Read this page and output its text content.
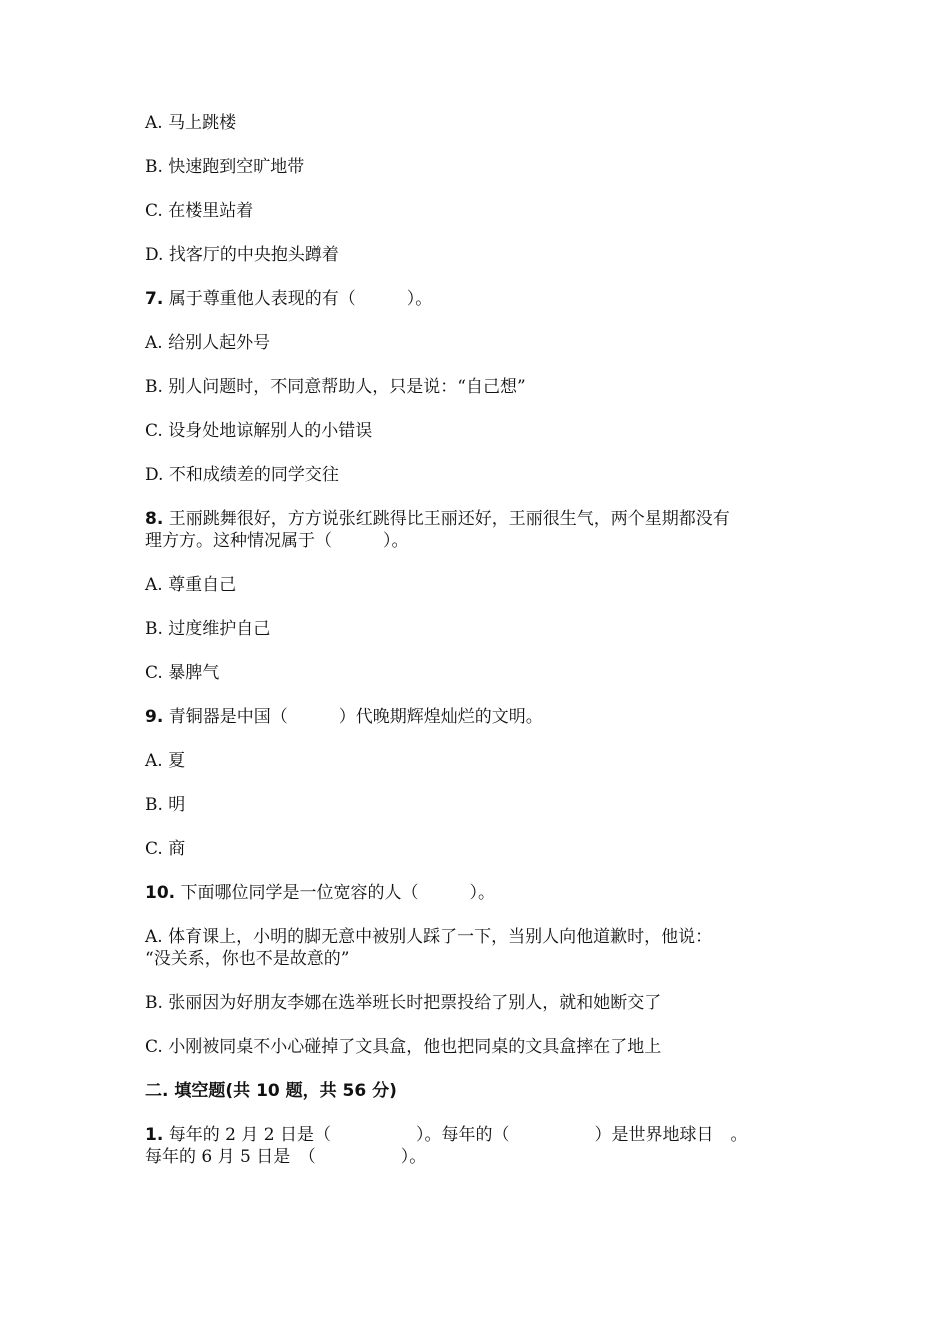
A. 马上跳楼

B. 快速跑到空旷地带

C. 在楼里站着

D. 找客厅的中央抱头蹲着

7. 属于尊重他人表现的有（　　　）。

A. 给别人起外号

B. 别人问题时，不同意帮助人，只是说：“自己想”

C. 设身处地谅解别人的小错误

D. 不和成绩差的同学交往

8. 王丽跳舞很好，方方说张红跳得比王丽还好，王丽很生气，两个星期都没有

理方方。这种情况属于（　　　）。

A. 尊重自己

B. 过度维护自己

C. 暴脾气

9. 青铜器是中国（　　　）代晚期辉煌灿烂的文明。

A. 夏

B. 明

C. 商

10. 下面哪位同学是一位宽容的人（　　　）。

A. 体育课上，小明的脚无意中被别人踩了一下，当别人向他道歉时，他说：

“没关系，你也不是故意的”

B. 张丽因为好朋友李娜在选举班长时把票投给了别人，就和她断交了

C. 小刚被同桌不小心碰掉了文具盒，他也把同桌的文具盒摔在了地上

二. 填空题(共 10 题，共 56 分)

1. 每年的 2 月 2 日是（　　　　　）。每年的（　　　　　）是世界地球日　。

每年的 6 月 5 日是　（　　　　　）。
